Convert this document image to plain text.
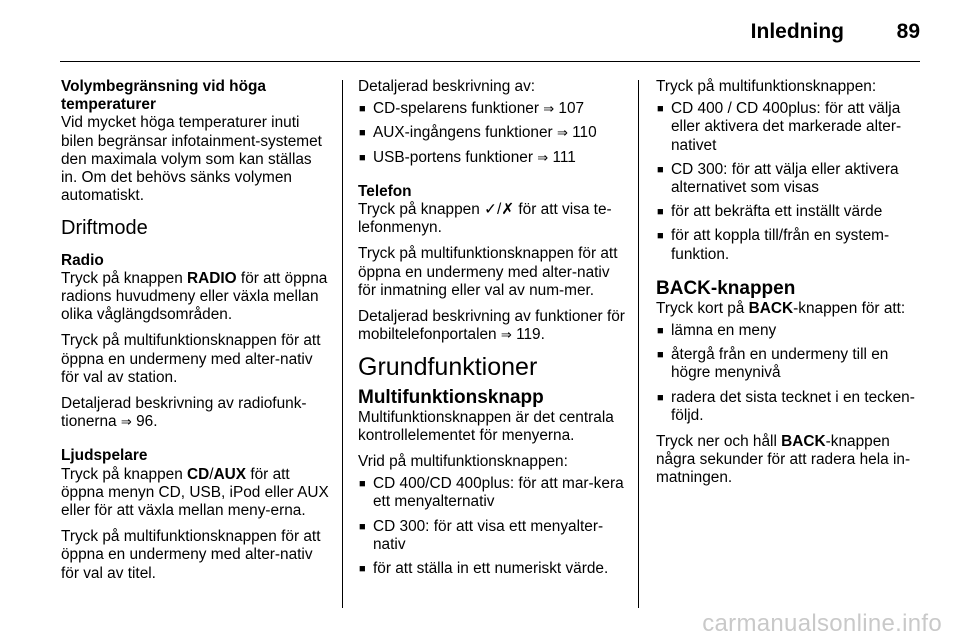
Inledning	89
Volymbegränsning vid höga temperaturer

Vid mycket höga temperaturer inuti bilen begränsar infotainment-systemet den maximala volym som kan ställas in. Om det behövs sänks volymen automatiskt.

Driftmode
Radio

Tryck på knappen RADIO för att öppna radions huvudmeny eller växla mellan olika våglängdsområden.

Tryck på multifunktionsknappen för att öppna en undermeny med alter-nativ för val av station.

Detaljerad beskrivning av radiofunk-tionerna ⇒ 96.

Ljudspelare

Tryck på knappen CD/AUX för att öppna menyn CD, USB, iPod eller AUX eller för att växla mellan meny-erna.

Tryck på multifunktionsknappen för att öppna en undermeny med alter-nativ för val av titel.

Detaljerad beskrivning av:

■ CD-spelarens funktioner ⇒ 107
■ AUX-ingångens funktioner ⇒ 110
■ USB-portens funktioner ⇒ 111
Telefon

Tryck på knappen ✓/✗ för att visa te-lefonmenyn.

Tryck på multifunktionsknappen för att öppna en undermeny med alter-nativ för inmatning eller val av num-mer.

Detaljerad beskrivning av funktioner för mobiltelefonportalen ⇒ 119.

Grundfunktioner
Multifunktionsknapp

Multifunktionsknappen är det centrala kontrollelementet för menyerna.

Vrid på multifunktionsknappen:

■ CD 400/CD 400plus: för att mar-kera ett menyalternativ
■ CD 300: för att visa ett menyalter-nativ
■ för att ställa in ett numeriskt värde.

Tryck på multifunktionsknappen:

■ CD 400 / CD 400plus: för att välja eller aktivera det markerade alter-nativet
■ CD 300: för att välja eller aktivera alternativet som visas
■ för att bekräfta ett inställt värde
■ för att koppla till/från en system-funktion.
BACK-knappen

Tryck kort på BACK-knappen för att:

■ lämna en meny
■ återgå från en undermeny till en högre menynivå
■ radera det sista tecknet i en tecken-följd.

Tryck ner och håll BACK-knappen några sekunder för att radera hela in-matningen.

carmanualsonline.info
